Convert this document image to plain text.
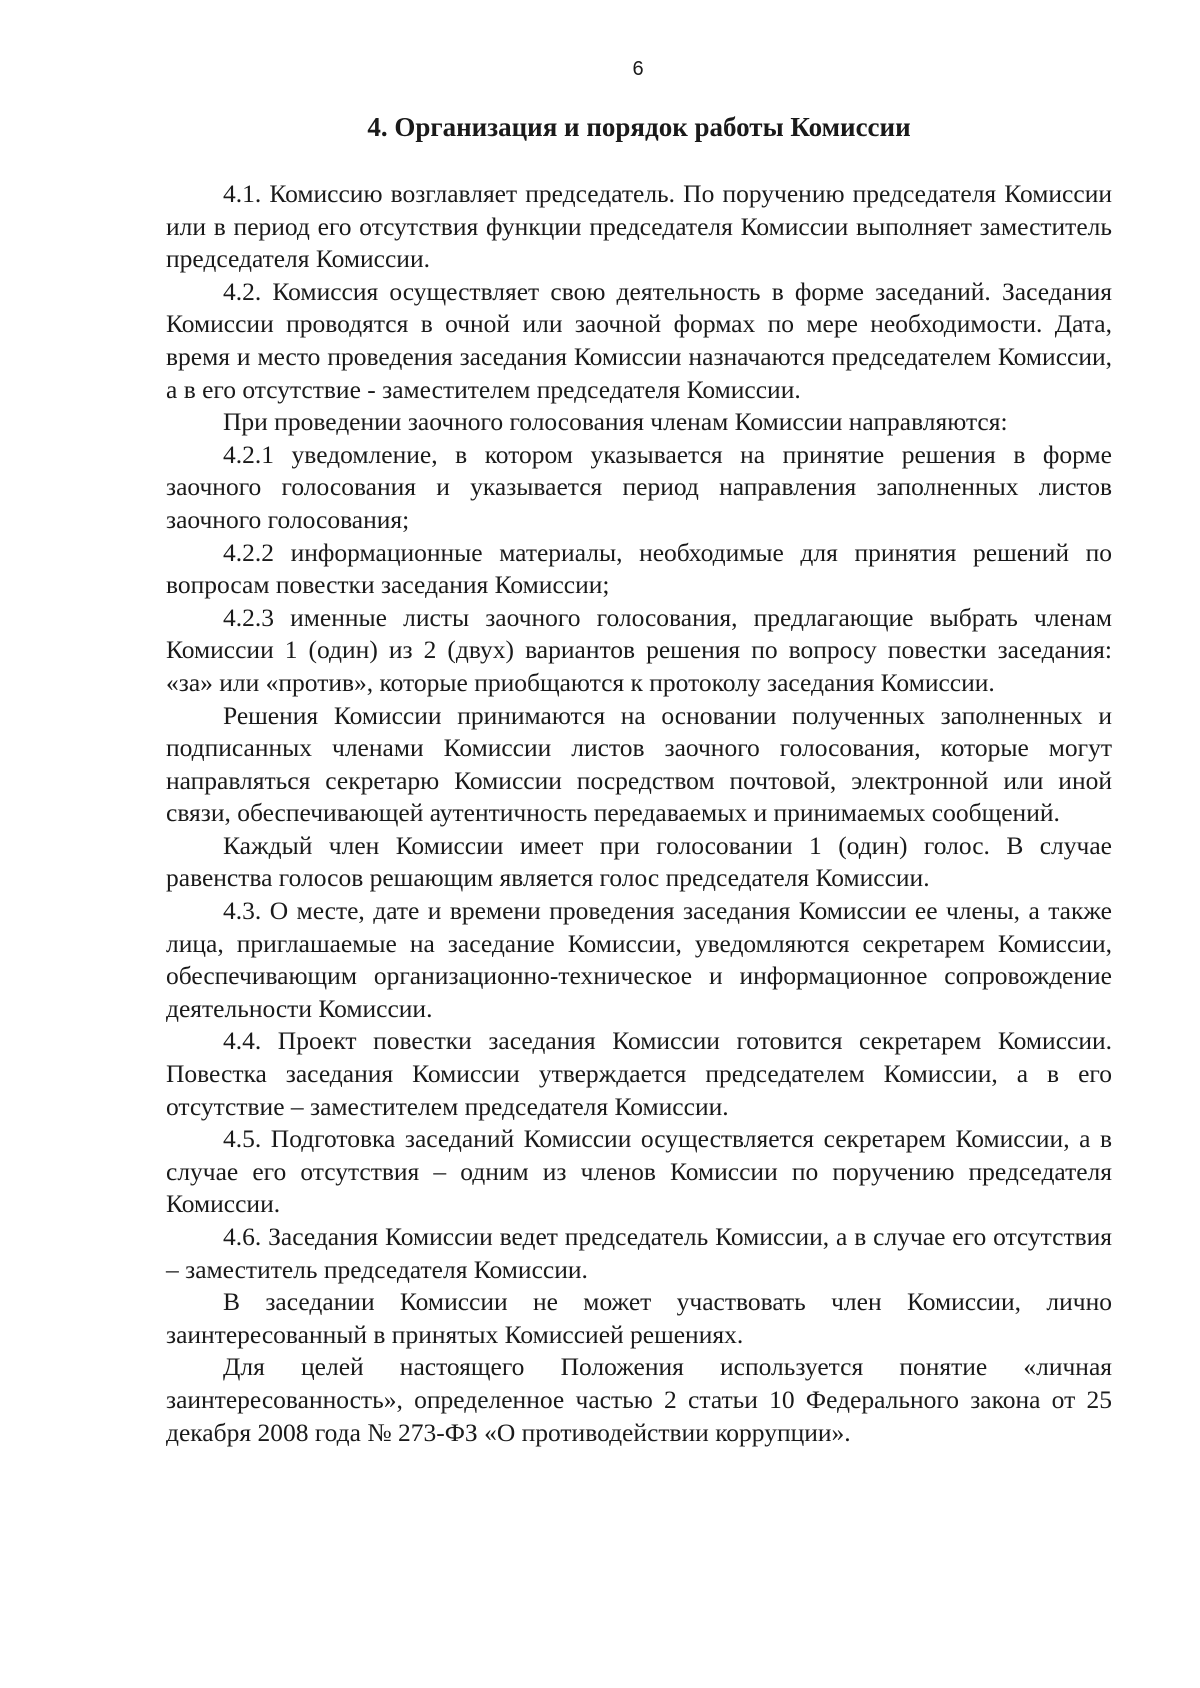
6
4. Организация и порядок работы Комиссии

4.1. Комиссию возглавляет председатель. По поручению председателя Комиссии или в период его отсутствия функции председателя Комиссии выполняет заместитель председателя Комиссии.

4.2. Комиссия осуществляет свою деятельность в форме заседаний. Заседания Комиссии проводятся в очной или заочной формах по мере необходимости. Дата, время и место проведения заседания Комиссии назначаются председателем Комиссии, а в его отсутствие - заместителем председателя Комиссии.

При проведении заочного голосования членам Комиссии направляются:

4.2.1 уведомление, в котором указывается на принятие решения в форме заочного голосования и указывается период направления заполненных листов заочного голосования;

4.2.2 информационные материалы, необходимые для принятия решений по вопросам повестки заседания Комиссии;

4.2.3 именные листы заочного голосования, предлагающие выбрать членам Комиссии 1 (один) из 2 (двух) вариантов решения по вопросу повестки заседания: «за» или «против», которые приобщаются к протоколу заседания Комиссии.

Решения Комиссии принимаются на основании полученных заполненных и подписанных членами Комиссии листов заочного голосования, которые могут направляться секретарю Комиссии посредством почтовой, электронной или иной связи, обеспечивающей аутентичность передаваемых и принимаемых сообщений.

Каждый член Комиссии имеет при голосовании 1 (один) голос. В случае равенства голосов решающим является голос председателя Комиссии.

4.3. О месте, дате и времени проведения заседания Комиссии ее члены, а также лица, приглашаемые на заседание Комиссии, уведомляются секретарем Комиссии, обеспечивающим организационно-техническое и информационное сопровождение деятельности Комиссии.

4.4. Проект повестки заседания Комиссии готовится секретарем Комиссии. Повестка заседания Комиссии утверждается председателем Комиссии, а в его отсутствие – заместителем председателя Комиссии.

4.5. Подготовка заседаний Комиссии осуществляется секретарем Комиссии, а в случае его отсутствия – одним из членов Комиссии по поручению председателя Комиссии.

4.6. Заседания Комиссии ведет председатель Комиссии, а в случае его отсутствия – заместитель председателя Комиссии.

В заседании Комиссии не может участвовать член Комиссии, лично заинтересованный в принятых Комиссией решениях.

Для целей настоящего Положения используется понятие «личная заинтересованность», определенное частью 2 статьи 10 Федерального закона от 25 декабря 2008 года № 273-ФЗ «О противодействии коррупции».
